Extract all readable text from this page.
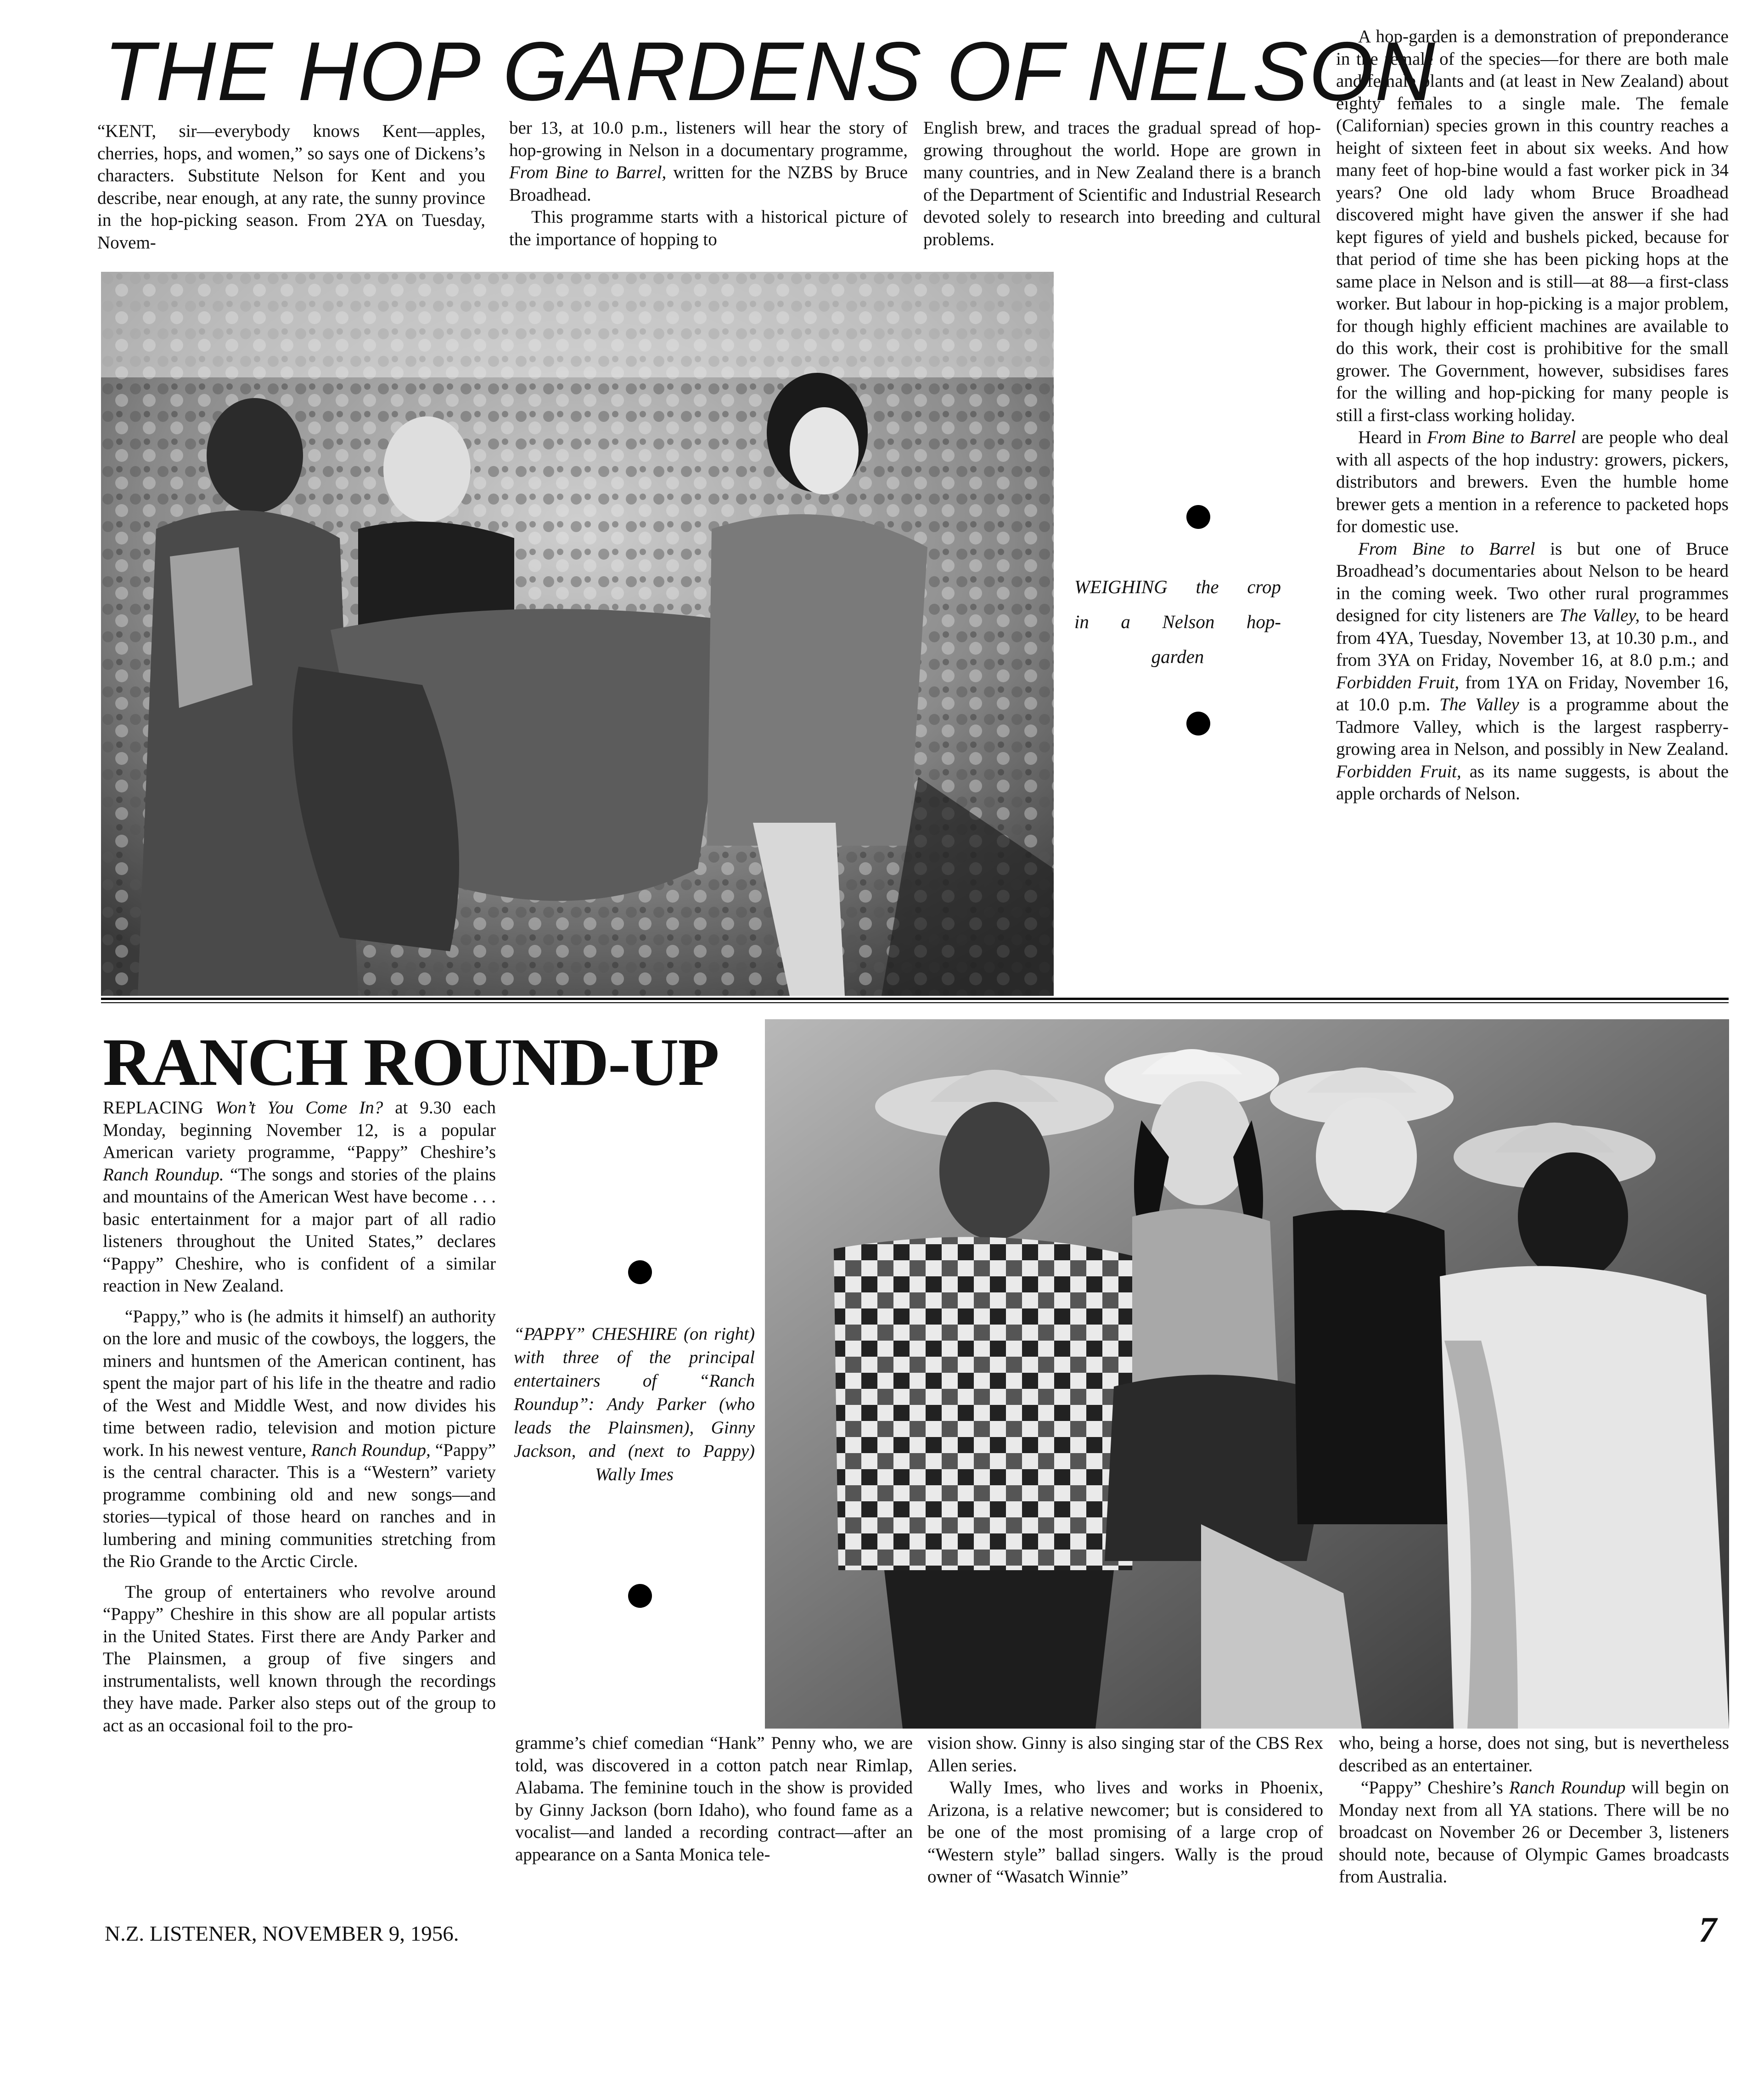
THE HOP GARDENS OF NELSON

“KENT, sir—everybody knows Kent—apples, cherries, hops, and women,” so says one of Dickens’s characters. Substitute Nelson for Kent and you describe, near enough, at any rate, the sunny province in the hop-picking season. From 2YA on Tuesday, Novem-

ber 13, at 10.0 p.m., listeners will hear the story of hop-growing in Nelson in a documentary programme, From Bine to Barrel, written for the NZBS by Bruce Broadhead.

This programme starts with a historical picture of the importance of hopping to

English brew, and traces the gradual spread of hop-growing throughout the world. Hope are grown in many countries, and in New Zealand there is a branch of the Department of Scientific and Industrial Research devoted solely to research into breeding and cultural problems.

A hop-garden is a demonstration of preponderance in the female of the species—for there are both male and female plants and (at least in New Zealand) about eighty females to a single male. The female (Californian) species grown in this country reaches a height of sixteen feet in about six weeks. And how many feet of hop-bine would a fast worker pick in 34 years? One old lady whom Bruce Broadhead discovered might have given the answer if she had kept figures of yield and bushels picked, because for that period of time she has been picking hops at the same place in Nelson and is still—at 88—a first-class worker. But labour in hop-picking is a major problem, for though highly efficient machines are available to do this work, their cost is prohibitive for the small grower. The Government, however, subsidises fares for the willing and hop-picking for many people is still a first-class working holiday.

Heard in From Bine to Barrel are people who deal with all aspects of the hop industry: growers, pickers, distributors and brewers. Even the humble home brewer gets a mention in a reference to packeted hops for domestic use.

From Bine to Barrel is but one of Bruce Broadhead’s documentaries about Nelson to be heard in the coming week. Two other rural programmes designed for city listeners are The Valley, to be heard from 4YA, Tuesday, November 13, at 10.30 p.m., and from 3YA on Friday, November 16, at 8.0 p.m.; and Forbidden Fruit, from 1YA on Friday, November 16, at 10.0 p.m. The Valley is a programme about the Tadmore Valley, which is the largest raspberry-growing area in Nelson, and possibly in New Zealand. Forbidden Fruit, as its name suggests, is about the apple orchards of Nelson.

WEIGHING the crop
in a Nelson hop-
garden
RANCH ROUND-UP

REPLACING Won’t You Come In? at 9.30 each Monday, beginning November 12, is a popular American variety programme, “Pappy” Cheshire’s Ranch Roundup. “The songs and stories of the plains and mountains of the American West have become . . . basic entertainment for a major part of all radio listeners throughout the United States,” declares “Pappy” Cheshire, who is confident of a similar reaction in New Zealand.

“Pappy,” who is (he admits it himself) an authority on the lore and music of the cowboys, the loggers, the miners and huntsmen of the American continent, has spent the major part of his life in the theatre and radio of the West and Middle West, and now divides his time between radio, television and motion picture work. In his newest venture, Ranch Roundup, “Pappy” is the central character. This is a “Western” variety programme combining old and new songs—and stories—typical of those heard on ranches and in lumbering and mining communities stretching from the Rio Grande to the Arctic Circle.

The group of entertainers who revolve around “Pappy” Cheshire in this show are all popular artists in the United States. First there are Andy Parker and The Plainsmen, a group of five singers and instrumentalists, well known through the recordings they have made. Parker also steps out of the group to act as an occasional foil to the pro-

“PAPPY” CHESHIRE (on right) with three of the principal entertainers of “Ranch Roundup”: Andy Parker (who leads the Plainsmen), Ginny Jackson, and (next to Pappy) Wally Imes

gramme’s chief comedian “Hank” Penny who, we are told, was discovered in a cotton patch near Rimlap, Alabama. The feminine touch in the show is provided by Ginny Jackson (born Idaho), who found fame as a vocalist—and landed a recording contract—after an appearance on a Santa Monica tele-

vision show. Ginny is also singing star of the CBS Rex Allen series.

Wally Imes, who lives and works in Phoenix, Arizona, is a relative newcomer; but is considered to be one of the most promising of a large crop of “Western style” ballad singers. Wally is the proud owner of “Wasatch Winnie”

who, being a horse, does not sing, but is nevertheless described as an entertainer.

“Pappy” Cheshire’s Ranch Roundup will begin on Monday next from all YA stations. There will be no broadcast on November 26 or December 3, listeners should note, because of Olympic Games broadcasts from Australia.

N.Z. LISTENER, NOVEMBER 9, 1956.	7
